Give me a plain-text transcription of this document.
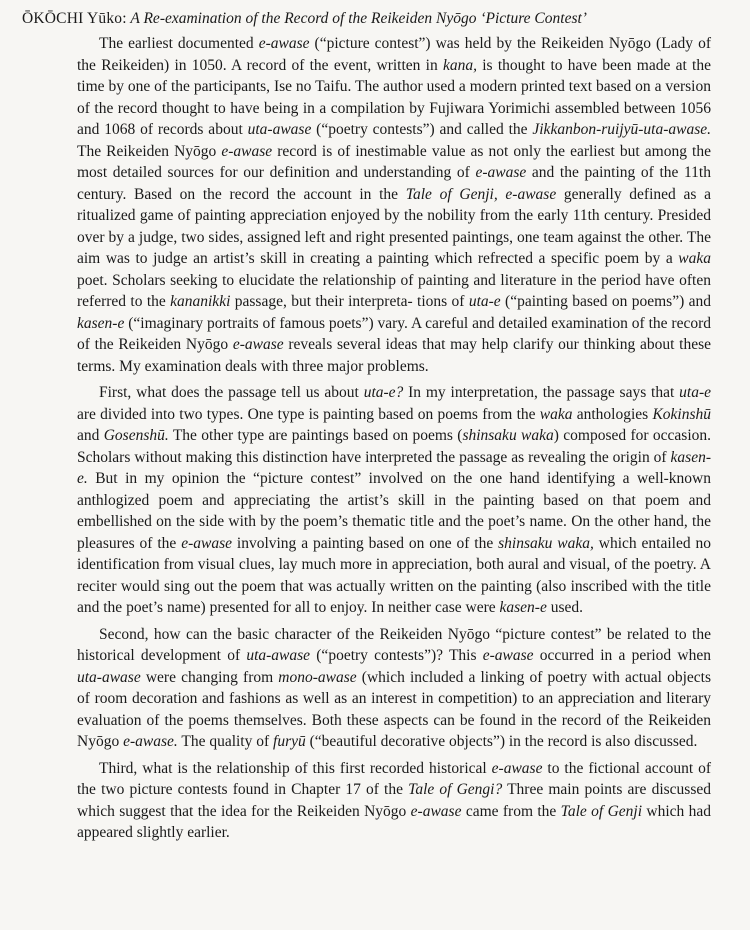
ŌKŌCHI Yūko: A Re-examination of the Record of the Reikeiden Nyōgo ‘Picture Contest’

The earliest documented e-awase (“picture contest”) was held by the Reikeiden Nyōgo (Lady of the Reikeiden) in 1050. A record of the event, written in kana, is thought to have been made at the time by one of the participants, Ise no Taifu. The author used a modern printed text based on a version of the record thought to have being in a compilation by Fujiwara Yorimichi assembled between 1056 and 1068 of records about uta-awase (“poetry contests”) and called the Jikkanbon-ruijyū-uta-awase. The Reikeiden Nyōgo e-awase record is of inestimable value as not only the earliest but among the most detailed sources for our definition and understanding of e-awase and the painting of the 11th century. Based on the record the account in the Tale of Genji, e-awase generally defined as a ritualized game of painting appreciation enjoyed by the nobility from the early 11th century. Presided over by a judge, two sides, assigned left and right presented paintings, one team against the other. The aim was to judge an artist’s skill in creating a painting which refrected a specific poem by a waka poet. Scholars seeking to elucidate the relationship of painting and literature in the period have often referred to the kananikki passage, but their interpreta- tions of uta-e (“painting based on poems”) and kasen-e (“imaginary portraits of famous poets”) vary. A careful and detailed examination of the record of the Reikeiden Nyōgo e-awase reveals several ideas that may help clarify our thinking about these terms. My examination deals with three major problems.

First, what does the passage tell us about uta-e? In my interpretation, the passage says that uta-e are divided into two types. One type is painting based on poems from the waka anthologies Kokinshū and Gosenshū. The other type are paintings based on poems (shinsaku waka) composed for occasion. Scholars without making this distinction have interpreted the passage as revealing the origin of kasen-e. But in my opinion the “picture contest” involved on the one hand identifying a well-known anthlogized poem and appreciating the artist’s skill in the painting based on that poem and embellished on the side with by the poem’s thematic title and the poet’s name. On the other hand, the pleasures of the e-awase involving a painting based on one of the shinsaku waka, which entailed no identification from visual clues, lay much more in appreciation, both aural and visual, of the poetry. A reciter would sing out the poem that was actually written on the painting (also inscribed with the title and the poet’s name) presented for all to enjoy. In neither case were kasen-e used.

Second, how can the basic character of the Reikeiden Nyōgo “picture contest” be related to the historical development of uta-awase (“poetry contests”)? This e-awase occurred in a period when uta-awase were changing from mono-awase (which included a linking of poetry with actual objects of room decoration and fashions as well as an interest in competition) to an appreciation and literary evaluation of the poems themselves. Both these aspects can be found in the record of the Reikeiden Nyōgo e-awase. The quality of furyū (“beautiful decorative objects”) in the record is also discussed.

Third, what is the relationship of this first recorded historical e-awase to the fictional account of the two picture contests found in Chapter 17 of the Tale of Gengi? Three main points are discussed which suggest that the idea for the Reikeiden Nyōgo e-awase came from the Tale of Genji which had appeared slightly earlier.
